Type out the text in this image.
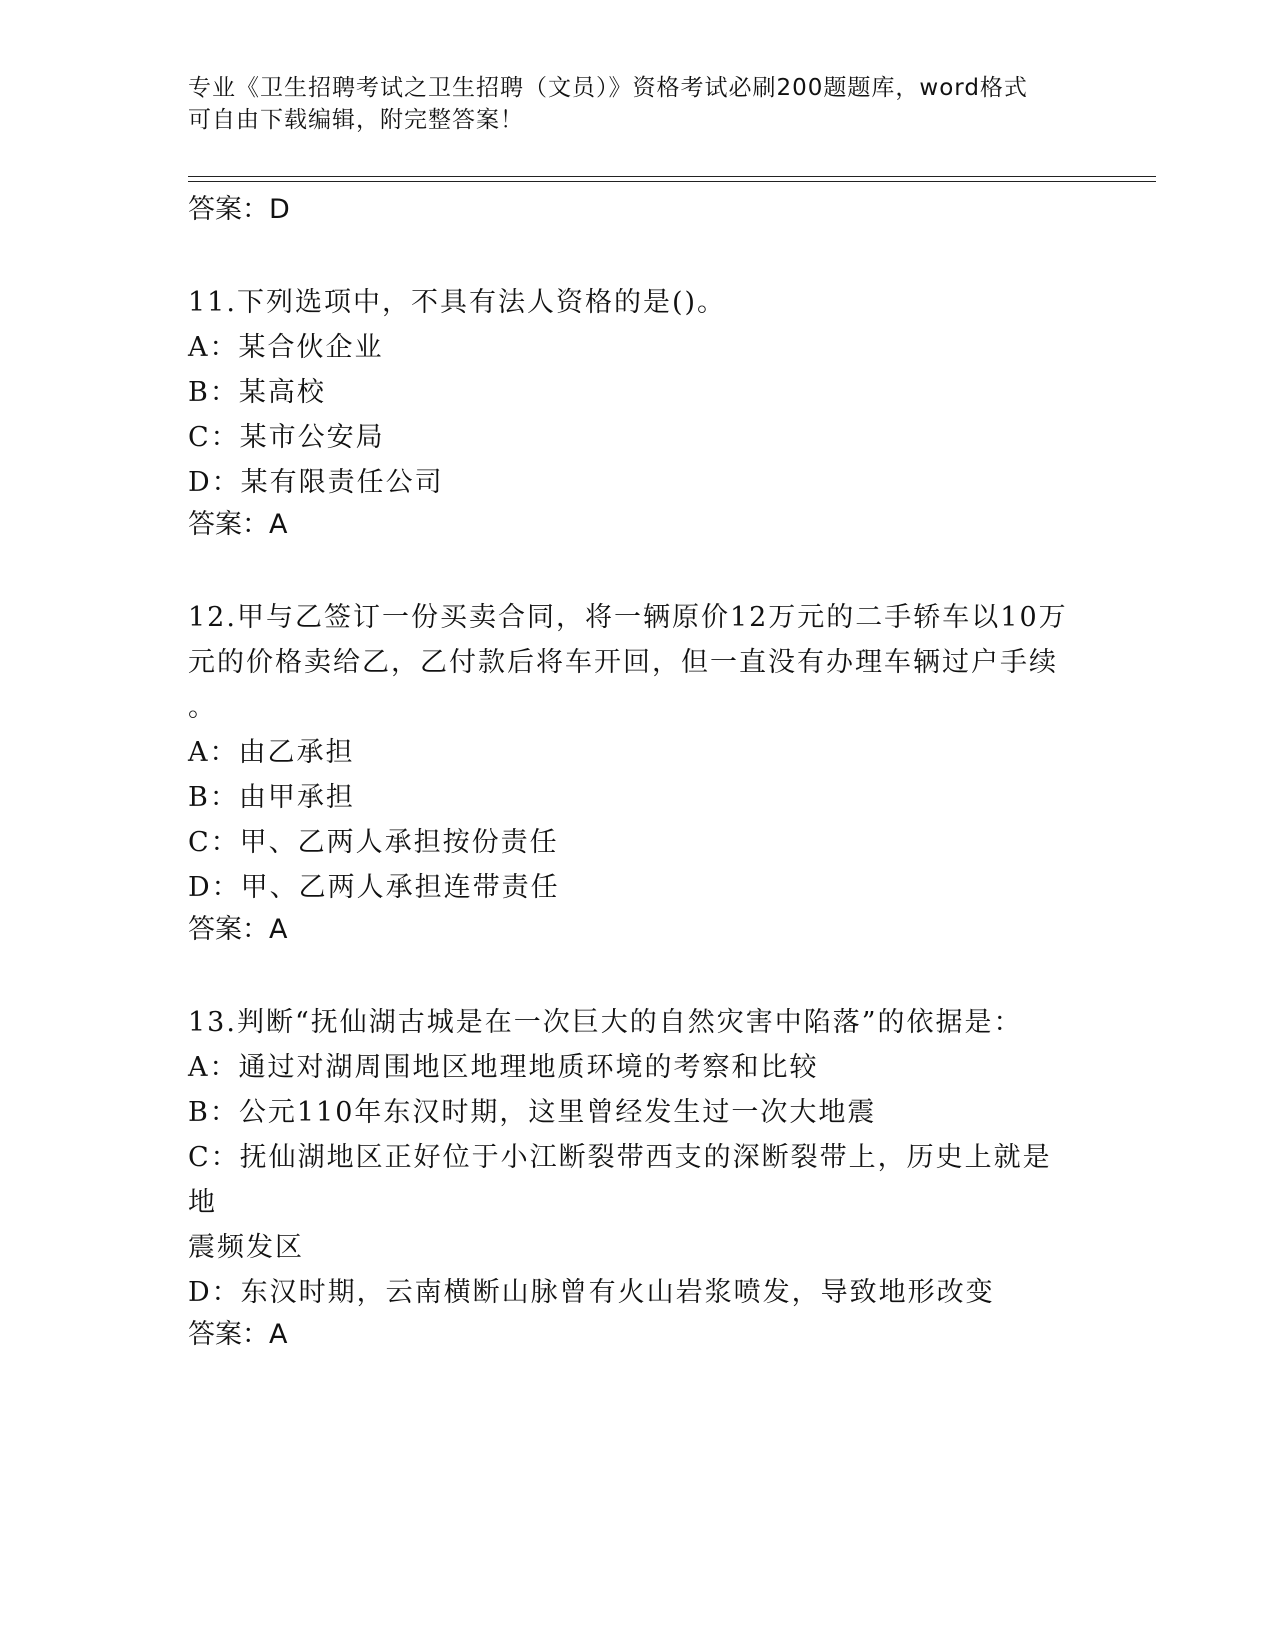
专业《卫生招聘考试之卫生招聘（文员）》资格考试必刷200题题库，word格式
可自由下载编辑，附完整答案！
答案：D
11.下列选项中，不具有法人资格的是()。
A：某合伙企业
B：某高校
C：某市公安局
D：某有限责任公司
答案：A
12.甲与乙签订一份买卖合同，将一辆原价12万元的二手轿车以10万
元的价格卖给乙，乙付款后将车开回，但一直没有办理车辆过户手续
。
A：由乙承担
B：由甲承担
C：甲、乙两人承担按份责任
D：甲、乙两人承担连带责任
答案：A
13.判断“抚仙湖古城是在一次巨大的自然灾害中陷落”的依据是：
A：通过对湖周围地区地理地质环境的考察和比较
B：公元110年东汉时期，这里曾经发生过一次大地震
C：抚仙湖地区正好位于小江断裂带西支的深断裂带上，历史上就是地
震频发区
D：东汉时期，云南横断山脉曾有火山岩浆喷发，导致地形改变
答案：A
